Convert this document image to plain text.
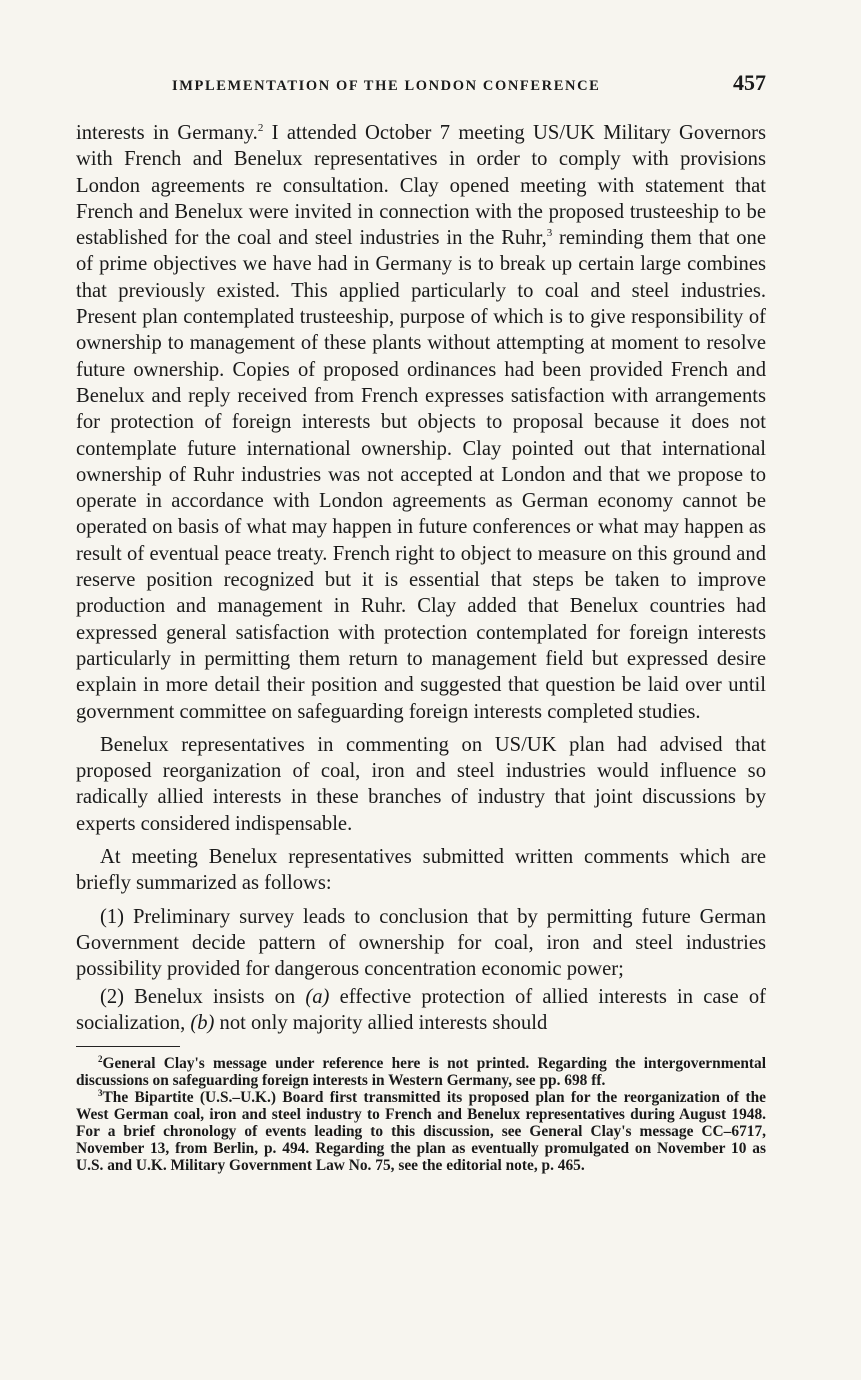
IMPLEMENTATION OF THE LONDON CONFERENCE	457

interests in Germany.$^2$ I attended October 7 meeting US/UK Military Governors with French and Benelux representatives in order to comply with provisions London agreements re consultation. Clay opened meeting with statement that French and Benelux were invited in connection with the proposed trusteeship to be established for the coal and steel industries in the Ruhr,$^3$ reminding them that one of prime objectives we have had in Germany is to break up certain large combines that previously existed. This applied particularly to coal and steel industries. Present plan contemplated trusteeship, purpose of which is to give responsibility of ownership to management of these plants without attempting at moment to resolve future ownership. Copies of proposed ordinances had been provided French and Benelux and reply received from French expresses satisfaction with arrangements for protection of foreign interests but objects to proposal because it does not contemplate future international ownership. Clay pointed out that international ownership of Ruhr industries was not accepted at London and that we propose to operate in accordance with London agreements as German economy cannot be operated on basis of what may happen in future conferences or what may happen as result of eventual peace treaty. French right to object to measure on this ground and reserve position recognized but it is essential that steps be taken to improve production and management in Ruhr. Clay added that Benelux countries had expressed general satisfaction with protection contemplated for foreign interests particularly in permitting them return to management field but expressed desire explain in more detail their position and suggested that question be laid over until government committee on safeguarding foreign interests completed studies.

Benelux representatives in commenting on US/UK plan had advised that proposed reorganization of coal, iron and steel industries would influence so radically allied interests in these branches of industry that joint discussions by experts considered indispensable.

At meeting Benelux representatives submitted written comments which are briefly summarized as follows:

(1) Preliminary survey leads to conclusion that by permitting future German Government decide pattern of ownership for coal, iron and steel industries possibility provided for dangerous concentration economic power;

(2) Benelux insists on (a) effective protection of allied interests in case of socialization, (b) not only majority allied interests should

$^2$General Clay's message under reference here is not printed. Regarding the intergovernmental discussions on safeguarding foreign interests in Western Germany, see pp. 698 ff.

$^3$The Bipartite (U.S.–U.K.) Board first transmitted its proposed plan for the reorganization of the West German coal, iron and steel industry to French and Benelux representatives during August 1948. For a brief chronology of events leading to this discussion, see General Clay's message CC–6717, November 13, from Berlin, p. 494. Regarding the plan as eventually promulgated on November 10 as U.S. and U.K. Military Government Law No. 75, see the editorial note, p. 465.
